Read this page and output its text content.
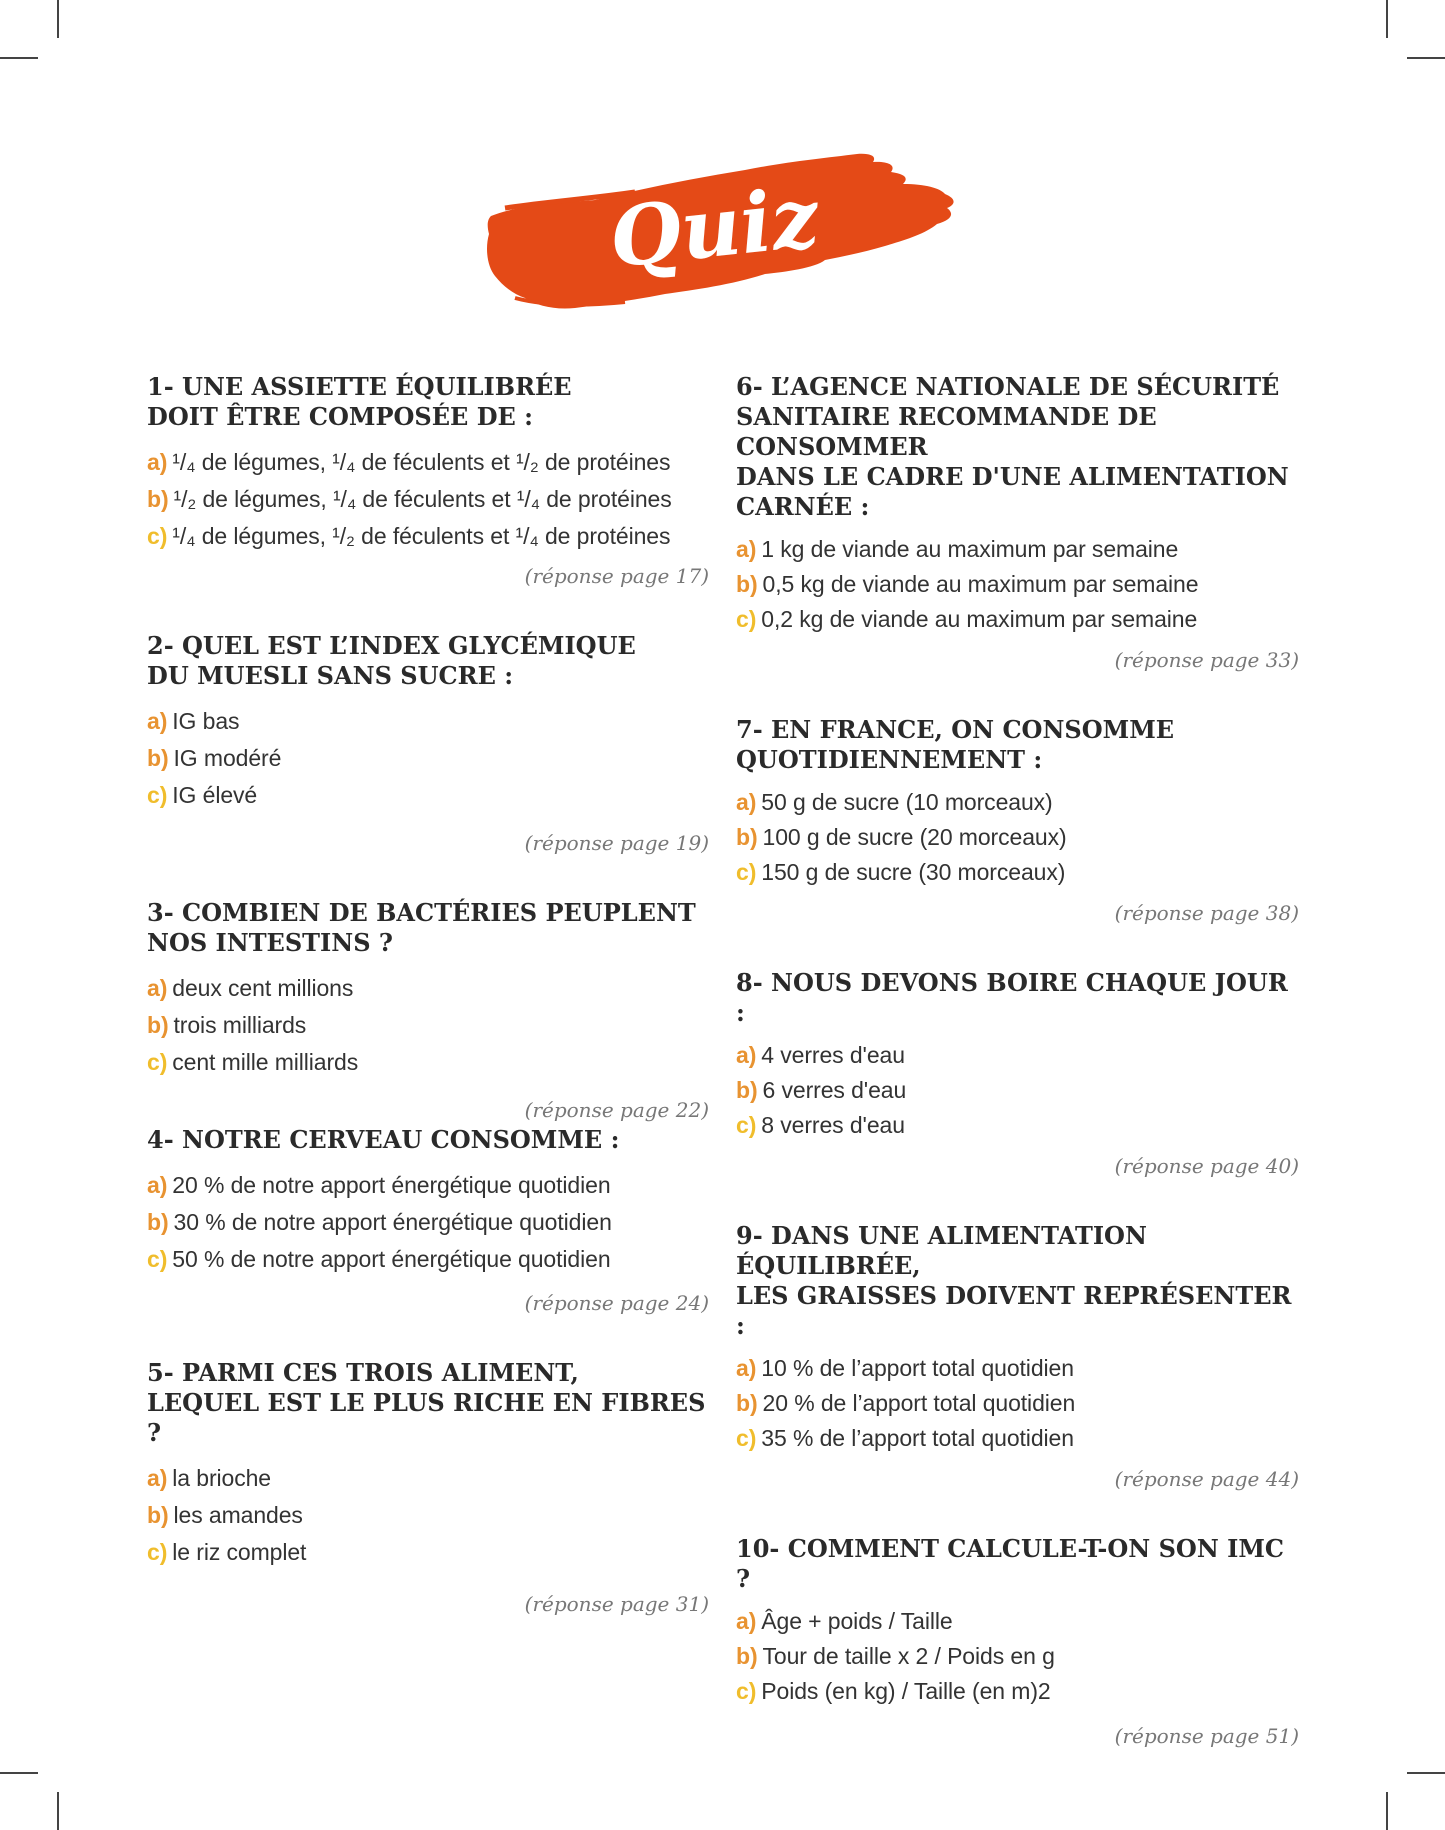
Quiz

1- UNE ASSIETTE ÉQUILIBRÉE
DOIT ÊTRE COMPOSÉE DE :

a) ¹/₄ de légumes, ¹/₄ de féculents et ¹/₂ de protéines
b) ¹/₂ de légumes, ¹/₄ de féculents et ¹/₄ de protéines
c) ¹/₄ de légumes, ¹/₂ de féculents et ¹/₄ de protéines
(réponse page 17)

2- QUEL EST L’INDEX GLYCÉMIQUE
DU MUESLI SANS SUCRE :

a) IG bas
b) IG modéré
c) IG élevé
(réponse page 19)

3- COMBIEN DE BACTÉRIES PEUPLENT
NOS INTESTINS ?

a) deux cent millions
b) trois milliards
c) cent mille milliards
(réponse page 22)

4- NOTRE CERVEAU CONSOMME :

a) 20 % de notre apport énergétique quotidien
b) 30 % de notre apport énergétique quotidien
c) 50 % de notre apport énergétique quotidien
(réponse page 24)

5- PARMI CES TROIS ALIMENT,
LEQUEL EST LE PLUS RICHE EN FIBRES ?

a) la brioche
b) les amandes
c) le riz complet
(réponse page 31)

6- L’AGENCE NATIONALE DE SÉCURITÉ
SANITAIRE RECOMMANDE DE CONSOMMER
DANS LE CADRE D'UNE ALIMENTATION
CARNÉE :

a) 1 kg de viande au maximum par semaine
b) 0,5 kg de viande au maximum par semaine
c) 0,2 kg de viande au maximum par semaine
(réponse page 33)

7- EN FRANCE, ON CONSOMME
QUOTIDIENNEMENT :

a) 50 g de sucre (10 morceaux)
b) 100 g de sucre (20 morceaux)
c) 150 g de sucre (30 morceaux)
(réponse page 38)

8- NOUS DEVONS BOIRE CHAQUE JOUR :

a) 4 verres d'eau
b) 6 verres d'eau
c) 8 verres d'eau
(réponse page 40)

9- DANS UNE ALIMENTATION ÉQUILIBRÉE,
LES GRAISSES DOIVENT REPRÉSENTER :

a) 10 % de l’apport total quotidien
b) 20 % de l’apport total quotidien
c) 35 % de l’apport total quotidien
(réponse page 44)

10- COMMENT CALCULE-T-ON SON IMC ?

a) Âge + poids / Taille
b) Tour de taille x 2 / Poids en g
c) Poids (en kg) / Taille (en m)2
(réponse page 51)
